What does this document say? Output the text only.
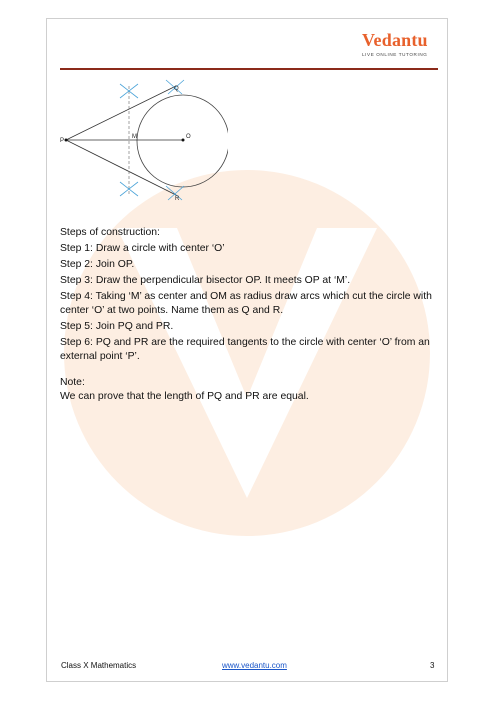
Vedantu
LIVE ONLINE TUTORING
P
M	O
Q
R

Steps of construction:

Step 1: Draw a circle with center ‘O’

Step 2: Join OP.

Step 3: Draw the perpendicular bisector OP. It meets OP at ‘M’.

Step 4: Taking ‘M’ as center and OM as radius draw arcs which cut the circle with center ‘O’ at two points. Name them as Q and R.

Step 5: Join PQ and PR.

Step 6: PQ and PR are the required tangents to the circle with center ‘O’ from an external point ‘P’.

Note:

We can prove that the length of PQ and PR are equal.

Class X Mathematics	www.vedantu.com	3
